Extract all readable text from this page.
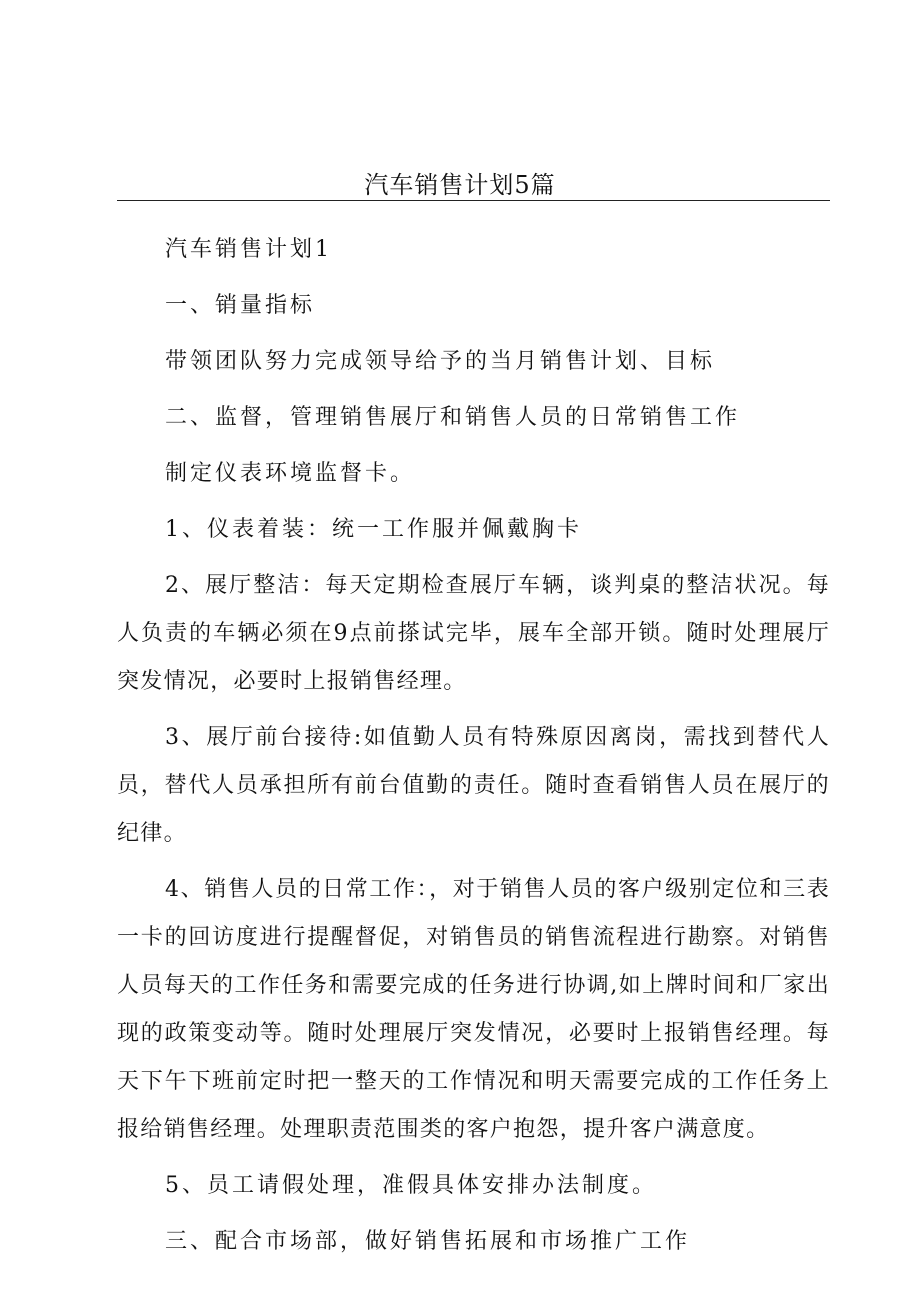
汽车销售计划5篇

汽车销售计划1

一、销量指标

带领团队努力完成领导给予的当月销售计划、目标

二、监督，管理销售展厅和销售人员的日常销售工作

制定仪表环境监督卡。

1、仪表着装：统一工作服并佩戴胸卡

2、展厅整洁：每天定期检查展厅车辆，谈判桌的整洁状况。每人负责的车辆必须在9点前搽试完毕，展车全部开锁。随时处理展厅突发情况，必要时上报销售经理。

3、展厅前台接待:如值勤人员有特殊原因离岗，需找到替代人员，替代人员承担所有前台值勤的责任。随时查看销售人员在展厅的纪律。

4、销售人员的日常工作：，对于销售人员的客户级别定位和三表一卡的回访度进行提醒督促，对销售员的销售流程进行勘察。对销售人员每天的工作任务和需要完成的任务进行协调,如上牌时间和厂家出现的政策变动等。随时处理展厅突发情况，必要时上报销售经理。每天下午下班前定时把一整天的工作情况和明天需要完成的工作任务上报给销售经理。处理职责范围类的客户抱怨，提升客户满意度。

5、员工请假处理，准假具体安排办法制度。

三、配合市场部，做好销售拓展和市场推广工作
